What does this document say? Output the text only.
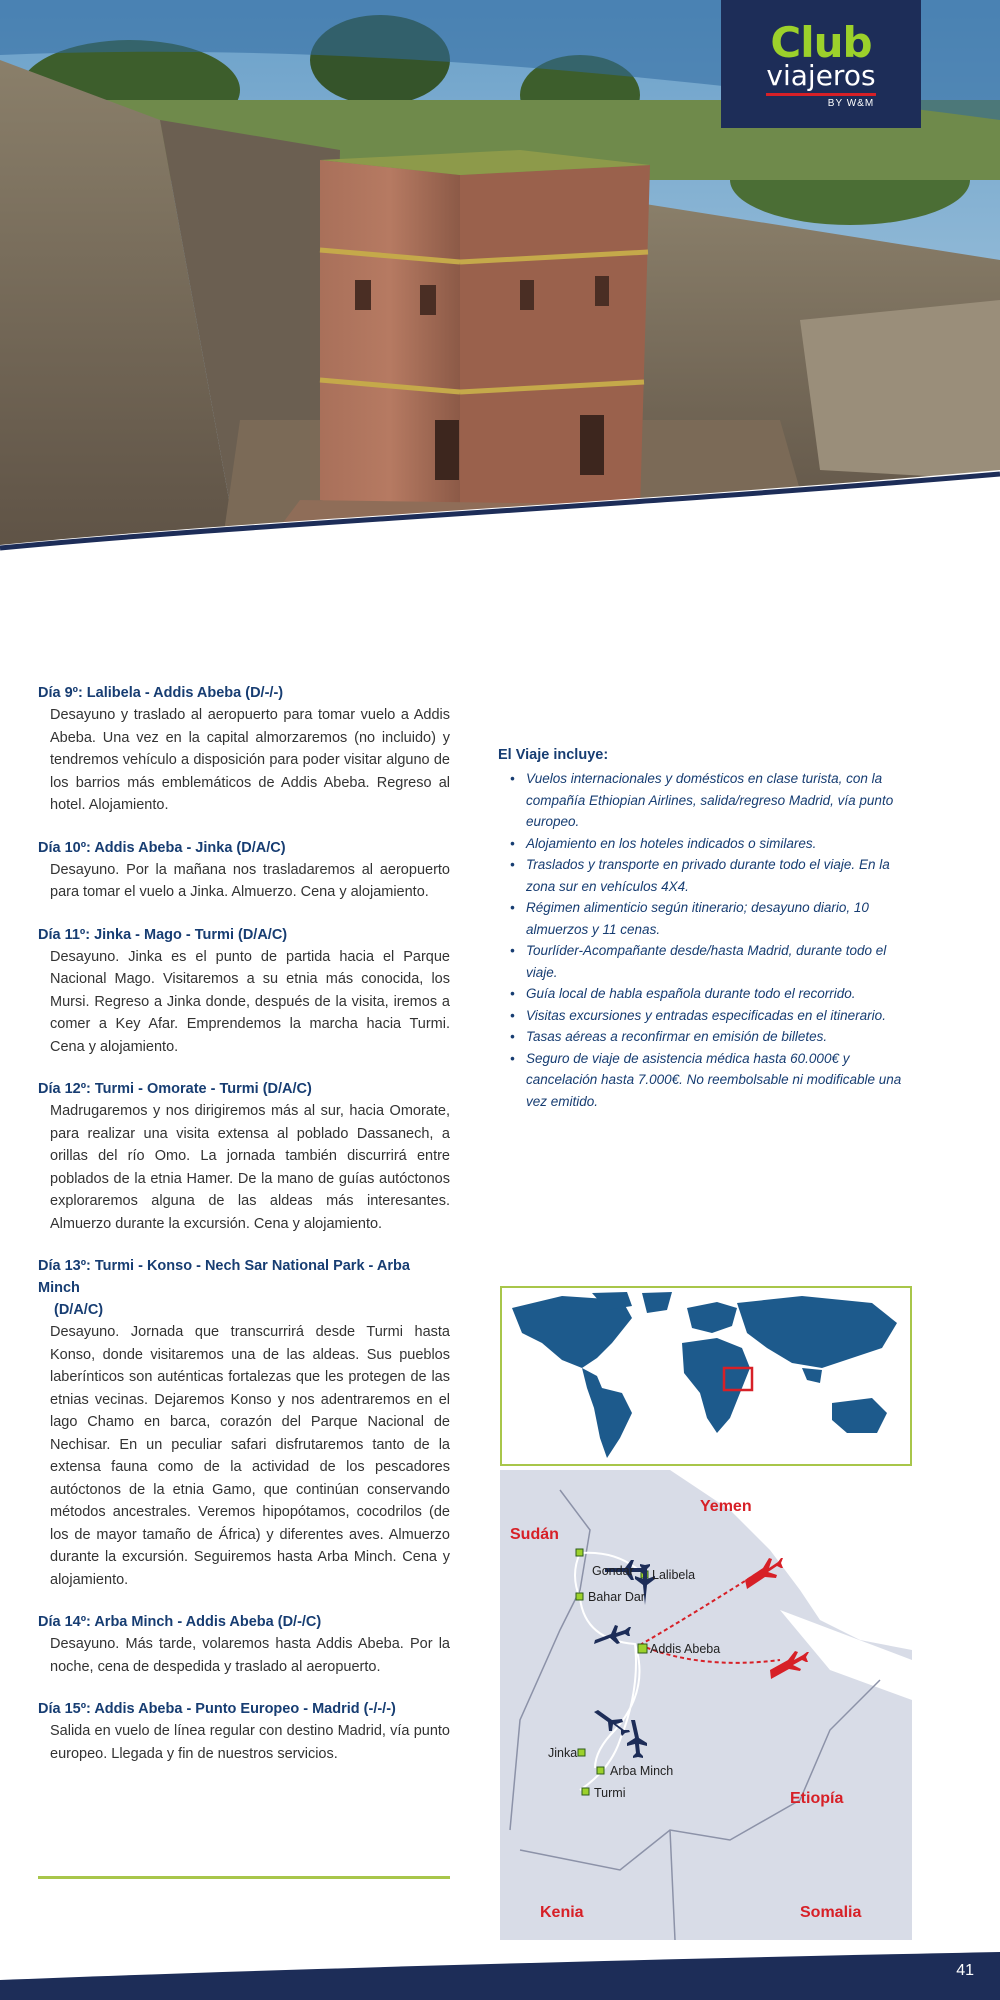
Club
viajeros
BY W&M
Día 9º: Lalibela - Addis Abeba (D/-/-)
Desayuno y traslado al aeropuerto para tomar vuelo a Addis Abeba. Una vez en la capital almorzaremos (no incluido) y tendremos vehículo a disposición para poder visitar alguno de los barrios más emblemáticos de Addis Abeba. Regreso al hotel. Alojamiento.
Día 10º: Addis Abeba - Jinka (D/A/C)
Desayuno. Por la mañana nos trasladaremos al aeropuerto para tomar el vuelo a Jinka. Almuerzo. Cena y alojamiento.
Día 11º: Jinka - Mago - Turmi (D/A/C)
Desayuno. Jinka es el punto de partida hacia el Parque Nacional Mago. Visitaremos a su etnia más conocida, los Mursi. Regreso a Jinka donde, después de la visita, iremos a comer a Key Afar. Emprendemos la marcha hacia Turmi. Cena y alojamiento.
Día 12º: Turmi - Omorate - Turmi (D/A/C)
Madrugaremos y nos dirigiremos más al sur, hacia Omorate, para realizar una visita extensa al poblado Dassanech, a orillas del río Omo. La jornada también discurrirá entre poblados de la etnia Hamer. De la mano de guías autóctonos exploraremos alguna de las aldeas más interesantes. Almuerzo durante la excursión. Cena y alojamiento.
Día 13º: Turmi - Konso - Nech Sar National Park - Arba Minch
(D/A/C)
Desayuno. Jornada que transcurrirá desde Turmi hasta Konso, donde visitaremos una de las aldeas. Sus pueblos laberínticos son auténticas fortalezas que les protegen de las etnias vecinas. Dejaremos Konso y nos adentraremos en el lago Chamo en barca, corazón del Parque Nacional de Nechisar. En un peculiar safari disfrutaremos tanto de la extensa fauna como de la actividad de los pescadores autóctonos de la etnia Gamo, que continúan conservando métodos ancestrales. Veremos hipopótamos, cocodrilos (de los de mayor tamaño de África) y diferentes aves. Almuerzo durante la excursión. Seguiremos hasta Arba Minch. Cena y alojamiento.
Día 14º: Arba Minch - Addis Abeba (D/-/C)
Desayuno. Más tarde, volaremos hasta Addis Abeba. Por la noche, cena de despedida y traslado al aeropuerto.
Día 15º: Addis Abeba - Punto Europeo - Madrid (-/-/-)
Salida en vuelo de línea regular con destino Madrid, vía punto europeo. Llegada y fin de nuestros servicios.
El Viaje incluye:
• Vuelos internacionales y domésticos en clase turista, con la compañía Ethiopian Airlines, salida/regreso Madrid, vía punto europeo.
• Alojamiento en los hoteles indicados o similares.
• Traslados y transporte en privado durante todo el viaje. En la zona sur en vehículos 4X4.
• Régimen alimenticio según itinerario; desayuno diario, 10 almuerzos y 11 cenas.
• Tourlíder-Acompañante desde/hasta Madrid, durante todo el viaje.
• Guía local de habla española durante todo el recorrido.
• Visitas excursiones y entradas especificadas en el itinerario.
• Tasas aéreas a reconfirmar en emisión de billetes.
• Seguro de viaje de asistencia médica hasta 60.000€ y cancelación hasta 7.000€. No reembolsable ni modificable una vez emitido.
Yemen
Sudán
Etiopía
Kenia	Somalia
Gondar Lalibela
Bahar Dar
Addis Abeba
Jinka
Arba Minch
Turmi
41
